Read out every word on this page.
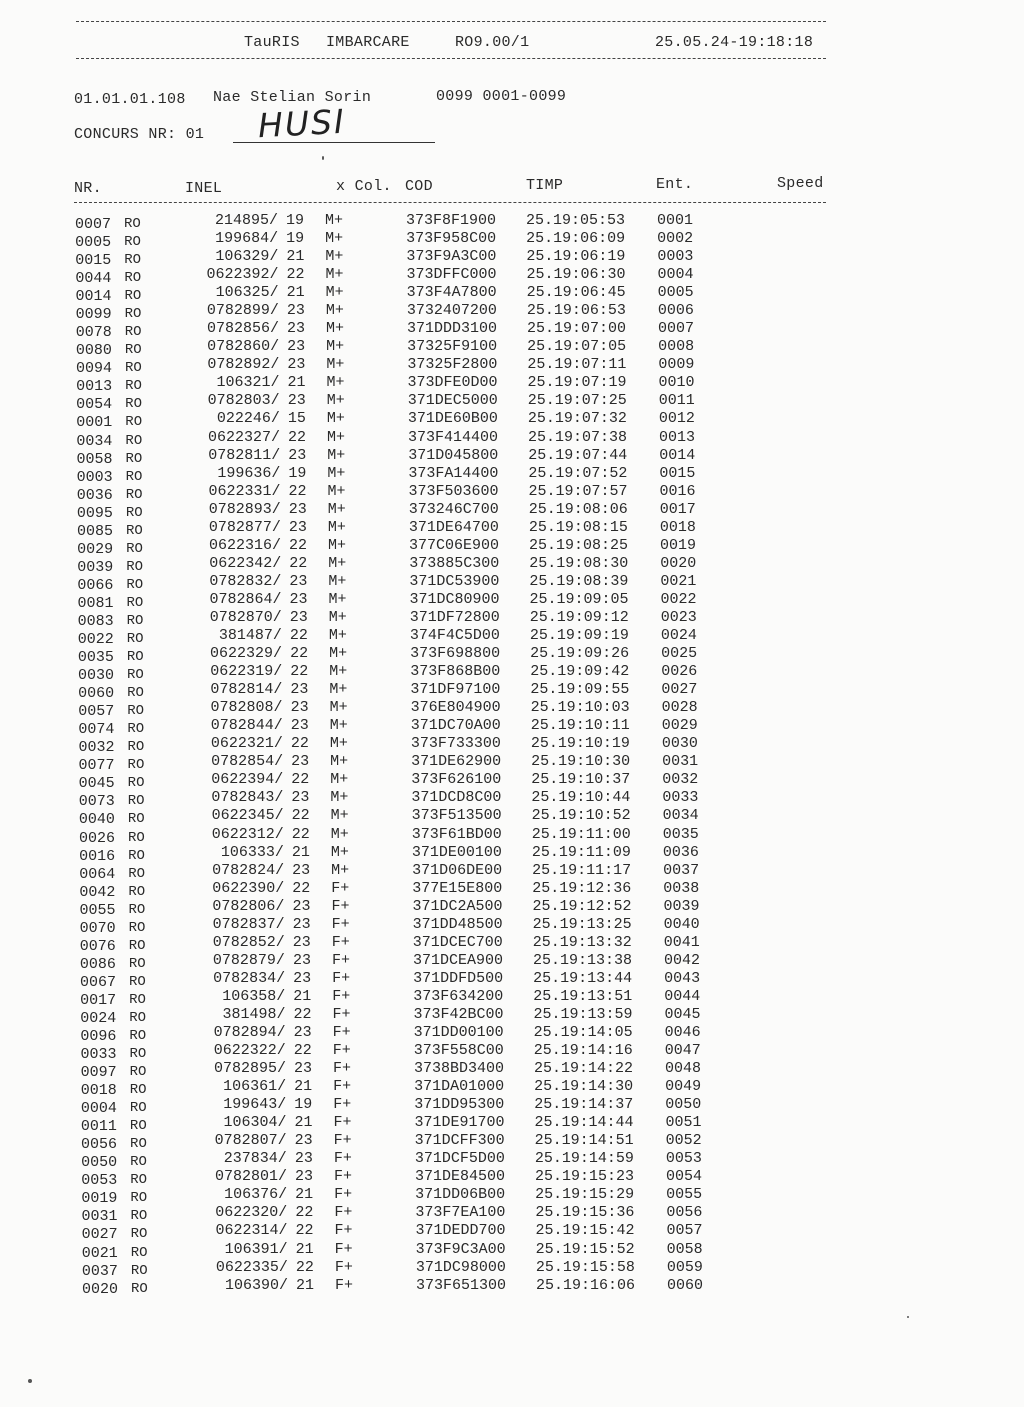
TauRIS IMBARCARE	RO9.00/1	25.05.24-19:18:18
01.01.01.108 Nae Stelian Sorin	0099 0001-0099
CONCURS NR: 01 HUSI
NR.	INEL	x Col. COD	TIMP	Ent.	Speed
0007 RO	214895/ 19	M+	373F8F1900 25.19:05:53 0001
0005 RO	199684/ 19	M+	373F958C00 25.19:06:09 0002
0015 RO	106329/ 21	M+	373F9A3C00 25.19:06:19 0003
0044 RO	0622392/ 22	M+	373DFFC000 25.19:06:30 0004
0014 RO	106325/ 21	M+	373F4A7800 25.19:06:45 0005
0099 RO	0782899/ 23	M+	3732407200 25.19:06:53 0006
0078 RO	0782856/ 23	M+	371DDD3100 25.19:07:00 0007
0080 RO	0782860/ 23	M+	37325F9100 25.19:07:05 0008
0094 RO	0782892/ 23	M+	37325F2800 25.19:07:11 0009
0013 RO	106321/ 21	M+	373DFE0D00 25.19:07:19 0010
0054 RO	0782803/ 23	M+	371DEC5000 25.19:07:25 0011
0001 RO	022246/ 15	M+	371DE60B00 25.19:07:32 0012
0034 RO	0622327/ 22	M+	373F414400 25.19:07:38 0013
0058 RO	0782811/ 23	M+	371D045800 25.19:07:44 0014
0003 RO	199636/ 19	M+	373FA14400 25.19:07:52 0015
0036 RO	0622331/ 22	M+	373F503600 25.19:07:57 0016
0095 RO	0782893/ 23	M+	373246C700 25.19:08:06 0017
0085 RO	0782877/ 23	M+	371DE64700 25.19:08:15 0018
0029 RO	0622316/ 22	M+	377C06E900 25.19:08:25 0019
0039 RO	0622342/ 22	M+	373885C300 25.19:08:30 0020
0066 RO	0782832/ 23	M+	371DC53900 25.19:08:39 0021
0081 RO	0782864/ 23	M+	371DC80900 25.19:09:05 0022
0083 RO	0782870/ 23	M+	371DF72800 25.19:09:12 0023
0022 RO	381487/ 22	M+	374F4C5D00 25.19:09:19 0024
0035 RO	0622329/ 22	M+	373F698800 25.19:09:26 0025
0030 RO	0622319/ 22	M+	373F868B00 25.19:09:42 0026
0060 RO	0782814/ 23	M+	371DF97100 25.19:09:55 0027
0057 RO	0782808/ 23	M+	376E804900 25.19:10:03 0028
0074 RO	0782844/ 23	M+	371DC70A00 25.19:10:11 0029
0032 RO	0622321/ 22	M+	373F733300 25.19:10:19 0030
0077 RO	0782854/ 23	M+	371DE62900 25.19:10:30 0031
0045 RO	0622394/ 22	M+	373F626100 25.19:10:37 0032
0073 RO	0782843/ 23	M+	371DCD8C00 25.19:10:44 0033
0040 RO	0622345/ 22	M+	373F513500 25.19:10:52 0034
0026 RO	0622312/ 22	M+	373F61BD00 25.19:11:00 0035
0016 RO	106333/ 21	M+	371DE00100 25.19:11:09 0036
0064 RO	0782824/ 23	M+	371D06DE00 25.19:11:17 0037
0042 RO	0622390/ 22	F+	377E15E800 25.19:12:36 0038
0055 RO	0782806/ 23	F+	371DC2A500 25.19:12:52 0039
0070 RO	0782837/ 23	F+	371DD48500 25.19:13:25 0040
0076 RO	0782852/ 23	F+	371DCEC700 25.19:13:32 0041
0086 RO	0782879/ 23	F+	371DCEA900 25.19:13:38 0042
0067 RO	0782834/ 23	F+	371DDFD500 25.19:13:44 0043
0017 RO	106358/ 21	F+	373F634200 25.19:13:51 0044
0024 RO	381498/ 22	F+	373F42BC00 25.19:13:59 0045
0096 RO	0782894/ 23	F+	371DD00100 25.19:14:05 0046
0033 RO	0622322/ 22	F+	373F558C00 25.19:14:16 0047
0097 RO	0782895/ 23	F+	3738BD3400 25.19:14:22 0048
0018 RO	106361/ 21	F+	371DA01000 25.19:14:30 0049
0004 RO	199643/ 19	F+	371DD95300 25.19:14:37 0050
0011 RO	106304/ 21	F+	371DE91700 25.19:14:44 0051
0056 RO	0782807/ 23	F+	371DCFF300 25.19:14:51 0052
0050 RO	237834/ 23	F+	371DCF5D00 25.19:14:59 0053
0053 RO	0782801/ 23	F+	371DE84500 25.19:15:23 0054
0019 RO	106376/ 21	F+	371DD06B00 25.19:15:29 0055
0031 RO	0622320/ 22	F+	373F7EA100 25.19:15:36 0056
0027 RO	0622314/ 22	F+	371DEDD700 25.19:15:42 0057
0021 RO	106391/ 21	F+	373F9C3A00 25.19:15:52 0058
0037 RO	0622335/ 22	F+	371DC98000 25.19:15:58 0059
0020 RO	106390/ 21	F+	373F651300 25.19:16:06 0060
